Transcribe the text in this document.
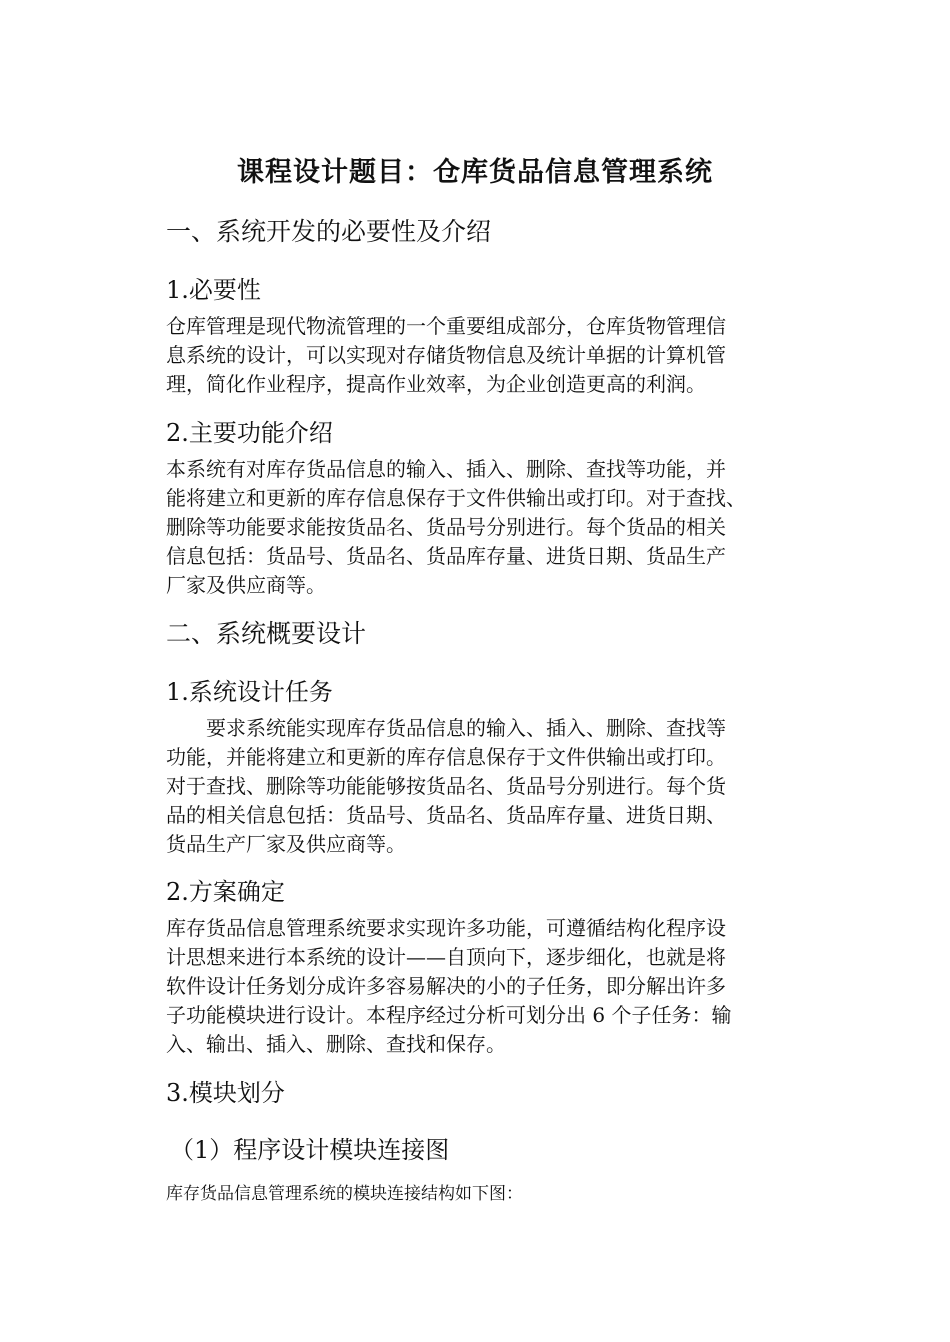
课程设计题目：仓库货品信息管理系统
一、系统开发的必要性及介绍
1.必要性

仓库管理是现代物流管理的一个重要组成部分，仓库货物管理信
息系统的设计，可以实现对存储货物信息及统计单据的计算机管
理，简化作业程序，提高作业效率，为企业创造更高的利润。

2.主要功能介绍

本系统有对库存货品信息的输入、插入、删除、查找等功能，并
能将建立和更新的库存信息保存于文件供输出或打印。对于查找、
删除等功能要求能按货品名、货品号分别进行。每个货品的相关
信息包括：货品号、货品名、货品库存量、进货日期、货品生产
厂家及供应商等。

二、系统概要设计
1.系统设计任务

要求系统能实现库存货品信息的输入、插入、删除、查找等
功能，并能将建立和更新的库存信息保存于文件供输出或打印。
对于查找、删除等功能能够按货品名、货品号分别进行。每个货
品的相关信息包括：货品号、货品名、货品库存量、进货日期、
货品生产厂家及供应商等。

2.方案确定

库存货品信息管理系统要求实现许多功能，可遵循结构化程序设
计思想来进行本系统的设计——自顶向下，逐步细化，也就是将
软件设计任务划分成许多容易解决的小的子任务，即分解出许多
子功能模块进行设计。本程序经过分析可划分出 6 个子任务：输
入、输出、插入、删除、查找和保存。

3.模块划分
（1）程序设计模块连接图

库存货品信息管理系统的模块连接结构如下图：
